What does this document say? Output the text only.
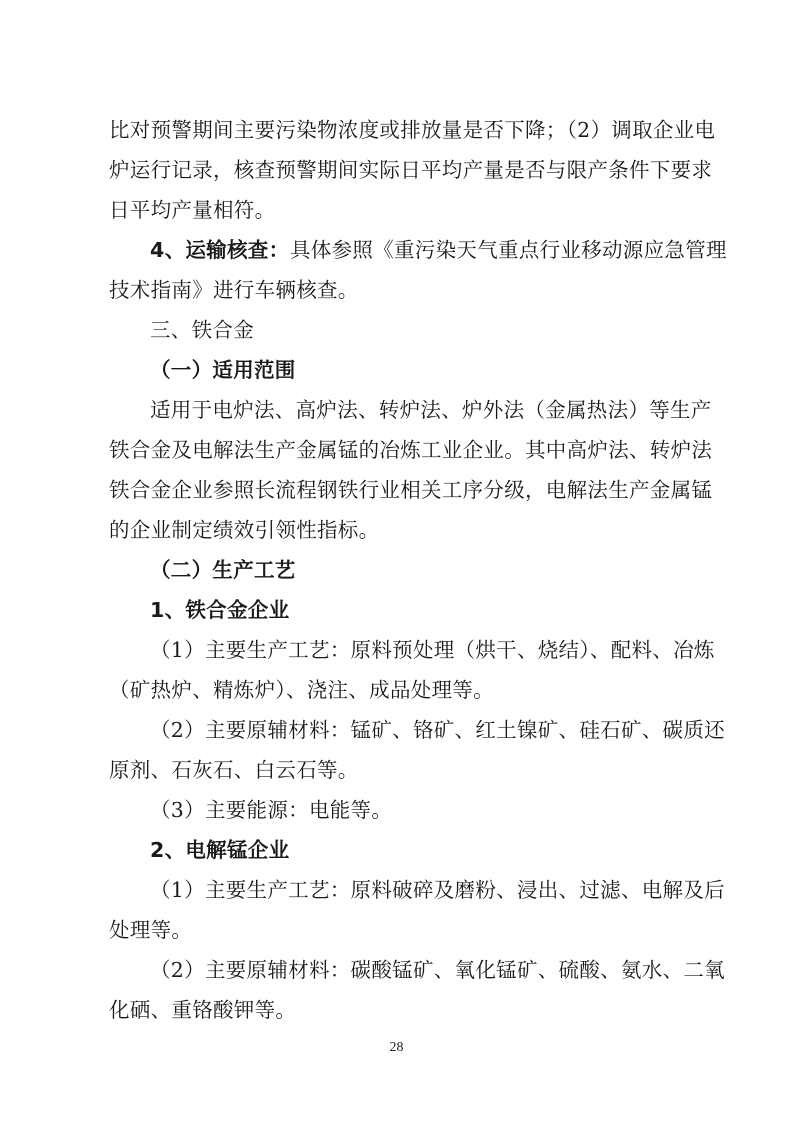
比对预警期间主要污染物浓度或排放量是否下降；（2）调取企业电
炉运行记录，核查预警期间实际日平均产量是否与限产条件下要求
日平均产量相符。
4、运输核查： 具体参照《重污染天气重点行业移动源应急管理
技术指南》进行车辆核查。
三、铁合金
（一）适用范围
适用于电炉法、高炉法、转炉法、炉外法（金属热法）等生产
铁合金及电解法生产金属锰的冶炼工业企业。其中高炉法、转炉法
铁合金企业参照长流程钢铁行业相关工序分级，电解法生产金属锰
的企业制定绩效引领性指标。
（二）生产工艺
1、铁合金企业
（1）主要生产工艺：原料预处理（烘干、烧结）、配料、冶炼
（矿热炉、精炼炉）、浇注、成品处理等。
（2）主要原辅材料：锰矿、铬矿、红土镍矿、硅石矿、碳质还
原剂、石灰石、白云石等。
（3）主要能源：电能等。
2、电解锰企业
（1）主要生产工艺：原料破碎及磨粉、浸出、过滤、电解及后
处理等。
（2）主要原辅材料：碳酸锰矿、氧化锰矿、硫酸、氨水、二氧
化硒、重铬酸钾等。
28
